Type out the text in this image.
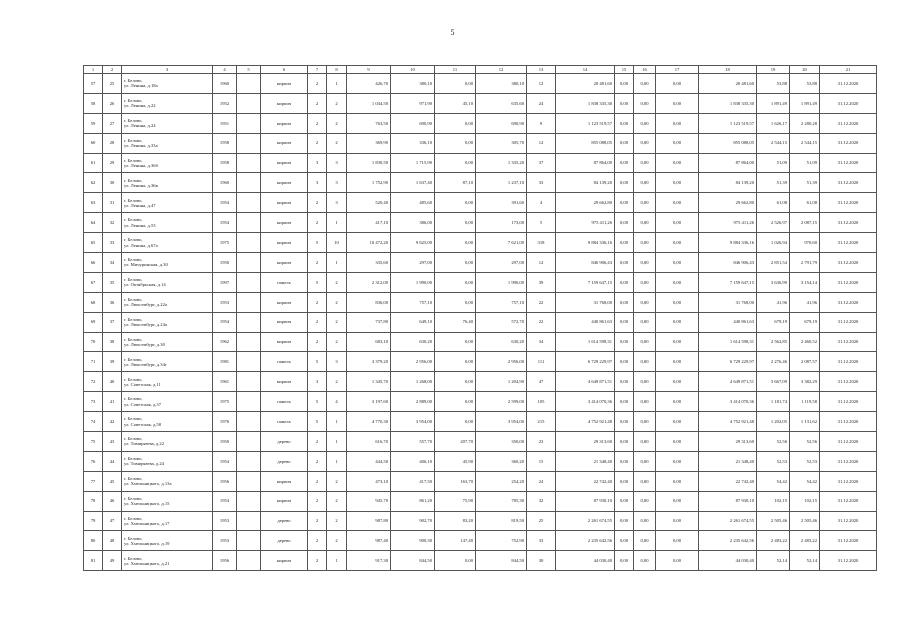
5
1	2	3	4	5	6	7	8	9	10	11	12	13	14	15	16	17	18	19	20	21
57	25	г. Белово,
ул. Ленина, д.18а	1960		кирпич	2	1	426,70	380,10	0,00	380,10	12	20 481,60	0,00	0,00	0,00	20 481,60	53,88	53,88	31.12.2020
58	26	г. Белово,
ул. Ленина, д.22	1952		кирпич	2	2	1 044,50	971,90	45,10	635,60	24	1 838 335,30	0,00	0,00	0,00	1 838 335,30	1 891,49	1 891,49	31.12.2020
59	27	г. Белово,
ул. Ленина, д.24	1951		кирпич	2	2	763,50	690,90	0,00	690,90	9	1 123 519,57	0,00	0,00	0,00	1 123 519,57	1 626,17	2 280,28	31.12.2020
60	28	г. Белово,
ул. Ленина, д.33а	1958		кирпич	2	2	369,90	336,10	0,00	305,70	12	855 088,05	0,00	0,00	0,00	855 088,05	2 544,15	2 544,15	31.12.2020
61	29	г. Белово,
ул. Ленина, д.36б	1958		кирпич	3	3	1 830,50	1 715,90	0,00	1 335,20	37	87 864,00	0,00	0,00	0,00	87 864,00	51,09	51,09	31.12.2020
62	30	г. Белово,
ул. Ленина, д.36в	1960		кирпич	3	3	1 752,90	1 637,40	87,10	1 237,10	33	84 139,20	0,00	0,00	0,00	84 139,20	51,39	51,39	31.12.2020
63	31	г. Белово,
ул. Ленина, д.47	1954		кирпич	2	3	520,40	485,60	0,00	391,60	4	29 662,80	0,00	0,00	0,00	29 662,80	61,08	61,08	31.12.2020
64	32	г. Белово,
ул. Ленина, д.53	1954		кирпич	2	1	417,10	386,00	0,00	173,00	5	975 411,26	0,00	0,00	0,00	975 411,26	2 526,97	2 087,15	31.12.2020
65	33	г. Белово,
ул. Ленина, д.67а	1975		кирпич	5	10	10 472,20	9 625,00	0,00	7 621,00	318	9 884 336,16	0,00	0,00	0,00	9 884 336,16	1 026,94	970,60	31.12.2020
66	34	г. Белово,
ул. Мичуринская, д.30	1950		кирпич	2	1	335,60	297,00	0,00	297,00	12	846 906,43	0,00	0,00	0,00	846 906,43	2 851,54	2 791,79	31.12.2020
67	35	г. Белово,
ул. Октябрьская, д.14	1997		панель	5	2	2 312,00	1 990,00	0,00	1 990,00	39	7 159 647,15	0,00	0,00	0,00	7 159 647,15	3 636,99	3 154,14	31.12.2020
68	36	г. Белово,
ул. Люксембург, д.22а	1953		кирпич	2	2	836,00	757,10	0,00	757,10	22	31 768,00	0,00	0,00	0,00	31 768,00	41,96	41,96	31.12.2020
69	37	г. Белово,
ул. Люксембург, д.24а	1954		кирпич	2	2	737,80	649,10	76,40	572,70	22	440 861,63	0,00	0,00	0,00	440 861,63	679,19	679,19	31.12.2020
70	38	г. Белово,
ул. Люксембург, д.30	1962		кирпич	2	2	683,10	630,20	0,00	630,20	34	1 614 598,31	0,00	0,00	0,00	1 614 598,31	2 562,85	2 460,52	31.12.2020
71	39	г. Белово,
ул. Люксембург, д.34г	1981		панель	5	3	3 379,20	2 956,00	0,00	2 956,00	111	6 729 229,97	0,00	0,00	0,00	6 729 229,97	2 276,46	2 087,57	31.12.2020
72	40	г. Белово,
ул. Советская, д.11	1961		кирпич	3	2	1 345,70	1 268,00	0,00	1 204,90	47	4 649 871,51	0,00	0,00	0,00	4 649 871,51	3 667,09	3 382,29	31.12.2020
73	41	г. Белово,
ул. Советская, д.37	1975		панель	5	4	3 197,60	2 889,00	0,00	2 599,00	105	3 414 070,36	0,00	0,00	0,00	3 414 070,36	1 181,74	1 119,58	31.12.2020
74	42	г. Белово,
ул. Советская, д.58	1976		панель	5	1	4 770,30	3 954,00	0,00	3 954,00	215	4 752 921,48	0,00	0,00	0,00	4 752 921,48	1 202,05	1 131,62	31.12.2020
75	43	г. Белово,
ул. Тимирязева, д.22	1950		дерево	2	1	616,70	557,70	207,70	350,00	23	29 313,60	0,00	0,00	0,00	29 313,60	52,56	52,56	31.12.2020
76	44	г. Белово,
ул. Тимирязева, д.24	1954		дерево	2	1	444,50	406,10	45,90	360,20	15	21 348,40	0,00	0,00	0,00	21 348,40	52,53	52,53	31.12.2020
77	45	г. Белово,
ул. Хмельницкого, д.13а	1956		кирпич	2	2	473,10	417,50	163,70	254,20	24	22 742,40	0,00	0,00	0,00	22 742,40	54,42	54,42	31.12.2020
78	46	г. Белово,
ул. Хмельницкого, д.15	1954		кирпич	2	2	945,70	861,20	75,90	785,30	32	87 930,10	0,00	0,00	0,00	87 930,10	102,15	102,15	31.12.2020
79	47	г. Белово,
ул. Хмельницкого, д.17	1953		дерево	2	2	987,80	902,70	83,20	819,50	25	2 261 674,55	0,00	0,00	0,00	2 261 674,55	2 505,46	2 505,46	31.12.2020
80	48	г. Белово,
ул. Хмельницкого, д.19	1953		дерево	2	2	987,40	900,30	147,40	752,90	33	2 235 642,56	0,00	0,00	0,00	2 235 642,56	2 483,22	2 483,22	31.12.2020
81	49	г. Белово,
ул. Хмельницкого, д.21	1956		кирпич	2	1	917,30	844,50	0,00	844,50	30	44 030,40	0,00	0,00	0,00	44 030,40	52,14	52,14	31.12.2020
